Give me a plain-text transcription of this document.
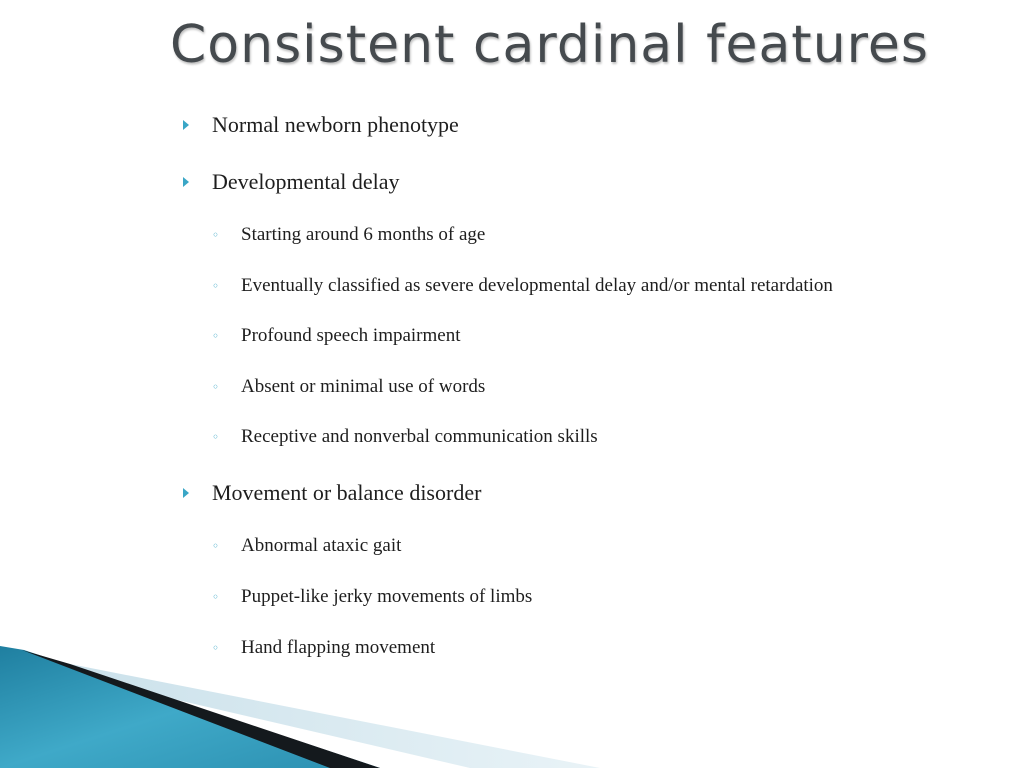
Consistent cardinal features
Normal newborn phenotype
Developmental delay
◦	Starting around 6 months of age
◦	Eventually classified as severe developmental delay and/or mental retardation
◦	Profound speech impairment
◦	Absent or minimal use of words
◦	Receptive and nonverbal communication skills
Movement or balance disorder
◦	Abnormal ataxic gait
◦	Puppet-like jerky movements of limbs
◦	Hand flapping movement
